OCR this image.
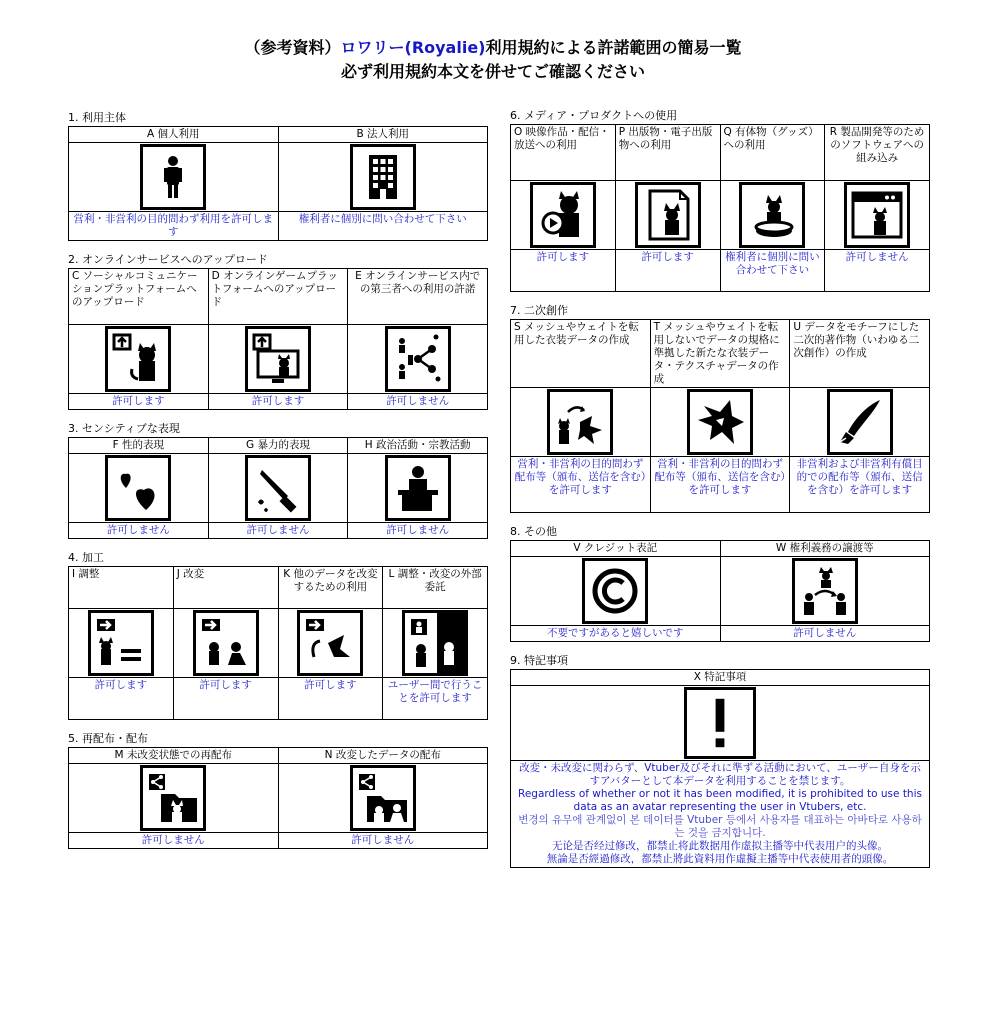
（参考資料）ロワリー(Royalie)利用規約による許諾範囲の簡易一覧
必ず利用規約本文を併せてご確認ください
1. 利用主体
A 個人利用	B 法人利用

営利・非営利の目的問わず利用を許可します	権利者に個別に問い合わせて下さい
2. オンラインサービスへのアップロード
C ソーシャルコミュニケーションプラットフォームへのアップロード	D オンラインゲームプラットフォームへのアップロード	E オンラインサービス内での第三者への利用の許諾

許可します	許可します	許可しません
3. センシティブな表現
F 性的表現	G 暴力的表現	H 政治活動・宗教活動

許可しません	許可しません	許可しません
4. 加工
I 調整	J 改変	K 他のデータを改変するための利用	L 調整・改変の外部委託

許可します	許可します	許可します	ユーザー間で行うことを許可します
5. 再配布・配布
M 未改変状態での再配布	N 改変したデータの配布

許可しません	許可しません
6. メディア・プロダクトへの使用
O 映像作品・配信・放送への利用	P 出版物・電子出版物への利用	Q 有体物（グッズ）への利用	R 製品開発等のためのソフトウェアへの組み込み

許可します	許可します	権利者に個別に問い合わせて下さい	許可しません
7. 二次創作
S メッシュやウェイトを転用した衣装データの作成	T メッシュやウェイトを転用しないでデータの規格に準拠した新たな衣装データ・テクスチャデータの作成	U データをモチーフにした二次的著作物（いわゆる二次創作）の作成

営利・非営利の目的問わず配布等（頒布、送信を含む）を許可します	営利・非営利の目的問わず配布等（頒布、送信を含む）を許可します	非営利および非営利有償目的での配布等（頒布、送信を含む）を許可します
8. その他
V クレジット表記	W 権利義務の譲渡等

不要ですがあると嬉しいです	許可しません
9. 特記事項
X 特記事項

改変・未改変に関わらず、Vtuber及びそれに準ずる活動において、ユーザー自身を示すアバターとして本データを利用することを禁じます。
Regardless of whether or not it has been modified, it is prohibited to use this data as an avatar representing the user in Vtubers, etc.
변경의 유무에 관계없이 본 데이터를 Vtuber 등에서 사용자를 대표하는 아바타로 사용하는 것을 금지합니다.
无论是否经过修改，都禁止将此数据用作虚拟主播等中代表用户的头像。
無論是否經過修改，都禁止將此資料用作虛擬主播等中代表使用者的頭像。
